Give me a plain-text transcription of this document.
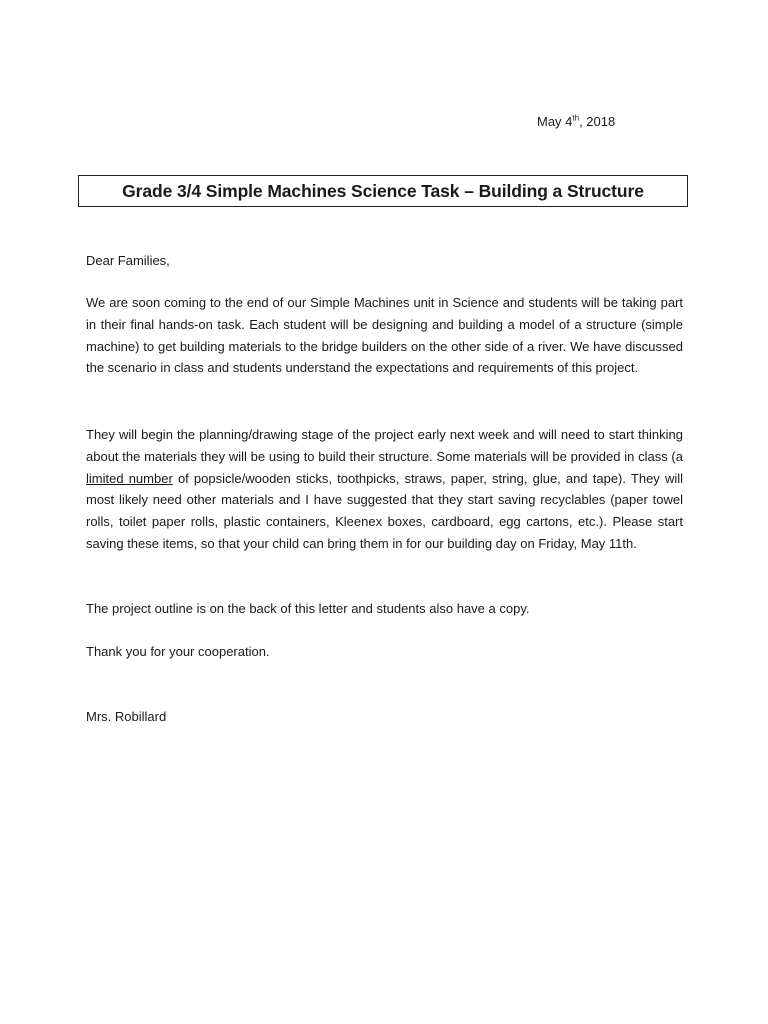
May 4th, 2018
Grade 3/4 Simple Machines Science Task – Building a Structure

Dear Families,

We are soon coming to the end of our Simple Machines unit in Science and students will be taking part in their final hands-on task. Each student will be designing and building a model of a structure (simple machine) to get building materials to the bridge builders on the other side of a river. We have discussed the scenario in class and students understand the expectations and requirements of this project.

They will begin the planning/drawing stage of the project early next week and will need to start thinking about the materials they will be using to build their structure. Some materials will be provided in class (a limited number of popsicle/wooden sticks, toothpicks, straws, paper, string, glue, and tape). They will most likely need other materials and I have suggested that they start saving recyclables (paper towel rolls, toilet paper rolls, plastic containers, Kleenex boxes, cardboard, egg cartons, etc.). Please start saving these items, so that your child can bring them in for our building day on Friday, May 11th.

The project outline is on the back of this letter and students also have a copy.

Thank you for your cooperation.

Mrs. Robillard
